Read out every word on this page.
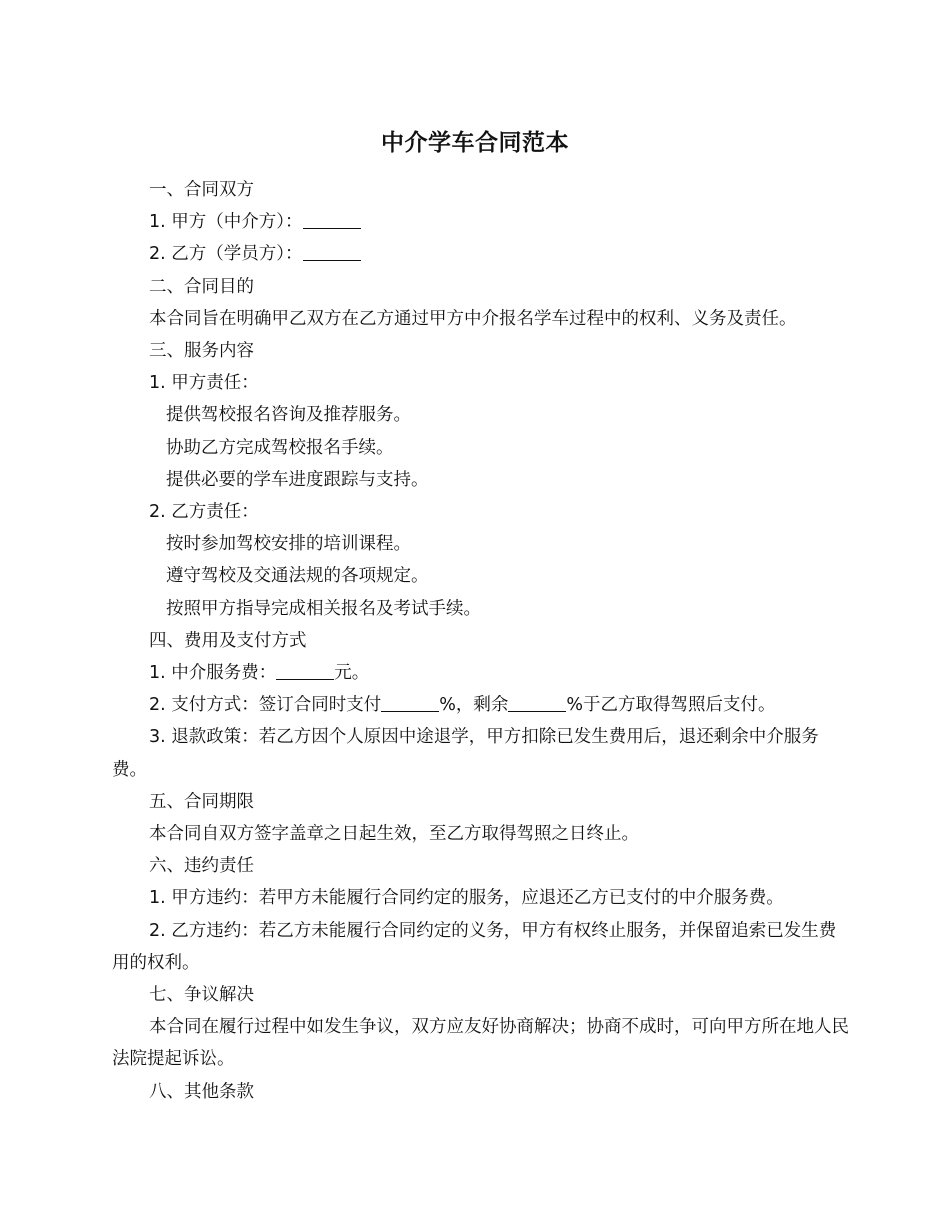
中介学车合同范本
一、合同双方
1. 甲方（中介方）：
2. 乙方（学员方）：
二、合同目的
本合同旨在明确甲乙双方在乙方通过甲方中介报名学车过程中的权利、义务及责任。
三、服务内容
1. 甲方责任：
提供驾校报名咨询及推荐服务。
协助乙方完成驾校报名手续。
提供必要的学车进度跟踪与支持。
2. 乙方责任：
按时参加驾校安排的培训课程。
遵守驾校及交通法规的各项规定。
按照甲方指导完成相关报名及考试手续。
四、费用及支付方式
1. 中介服务费：	元。
2. 支付方式：签订合同时支付	%，剩余	%于乙方取得驾照后支付。
3. 退款政策：若乙方因个人原因中途退学，甲方扣除已发生费用后，退还剩余中介服务费。
五、合同期限
本合同自双方签字盖章之日起生效，至乙方取得驾照之日终止。
六、违约责任
1. 甲方违约：若甲方未能履行合同约定的服务，应退还乙方已支付的中介服务费。
2. 乙方违约：若乙方未能履行合同约定的义务，甲方有权终止服务，并保留追索已发生费用的权利。
七、争议解决
本合同在履行过程中如发生争议，双方应友好协商解决；协商不成时，可向甲方所在地人民法院提起诉讼。
八、其他条款
